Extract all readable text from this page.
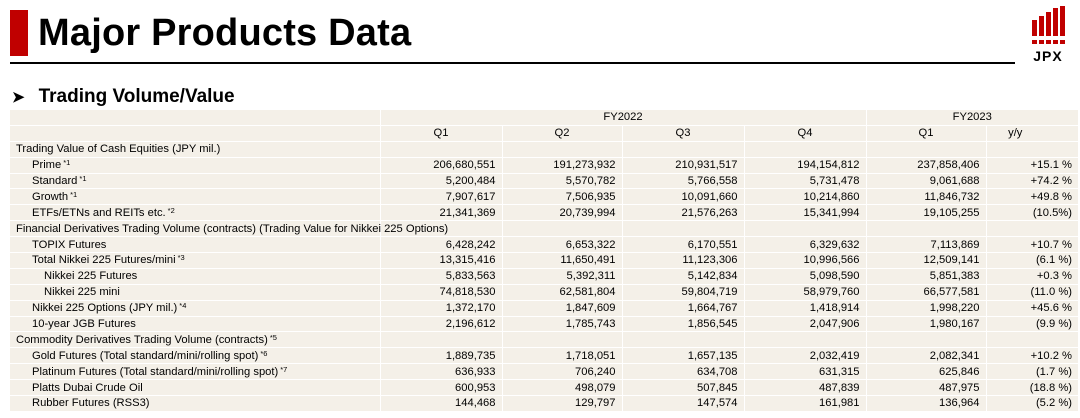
Major Products Data
JPX
➤ Trading Volume/Value
	FY2022				FY2023	
	Q1	Q2	Q3	Q4	Q1	y/y
Trading Value of Cash Equities (JPY mil.)						
Prime $^{*1}$	206,680,551	191,273,932	210,931,517	194,154,812	237,858,406	+15.1 %
Standard $^{*1}$	5,200,484	5,570,782	5,766,558	5,731,478	9,061,688	+74.2 %
Growth $^{*1}$	7,907,617	7,506,935	10,091,660	10,214,860	11,846,732	+49.8 %
ETFs/ETNs and REITs etc. $^{*2}$	21,341,369	20,739,994	21,576,263	15,341,994	19,105,255	(10.5%)
Financial Derivatives Trading Volume (contracts) (Trading Value for Nikkei 225 Options)						
TOPIX Futures	6,428,242	6,653,322	6,170,551	6,329,632	7,113,869	+10.7 %
Total Nikkei 225 Futures/mini $^{*3}$	13,315,416	11,650,491	11,123,306	10,996,566	12,509,141	(6.1 %)
Nikkei 225 Futures	5,833,563	5,392,311	5,142,834	5,098,590	5,851,383	+0.3 %
Nikkei 225 mini	74,818,530	62,581,804	59,804,719	58,979,760	66,577,581	(11.0 %)
Nikkei 225 Options (JPY mil.) $^{*4}$	1,372,170	1,847,609	1,664,767	1,418,914	1,998,220	+45.6 %
10-year JGB Futures	2,196,612	1,785,743	1,856,545	2,047,906	1,980,167	(9.9 %)
Commodity Derivatives Trading Volume (contracts) $^{*5}$						
Gold Futures (Total standard/mini/rolling spot) $^{*6}$	1,889,735	1,718,051	1,657,135	2,032,419	2,082,341	+10.2 %
Platinum Futures (Total standard/mini/rolling spot) $^{*7}$	636,933	706,240	634,708	631,315	625,846	(1.7 %)
Platts Dubai Crude Oil	600,953	498,079	507,845	487,839	487,975	(18.8 %)
Rubber Futures (RSS3)	144,468	129,797	147,574	161,981	136,964	(5.2 %)
